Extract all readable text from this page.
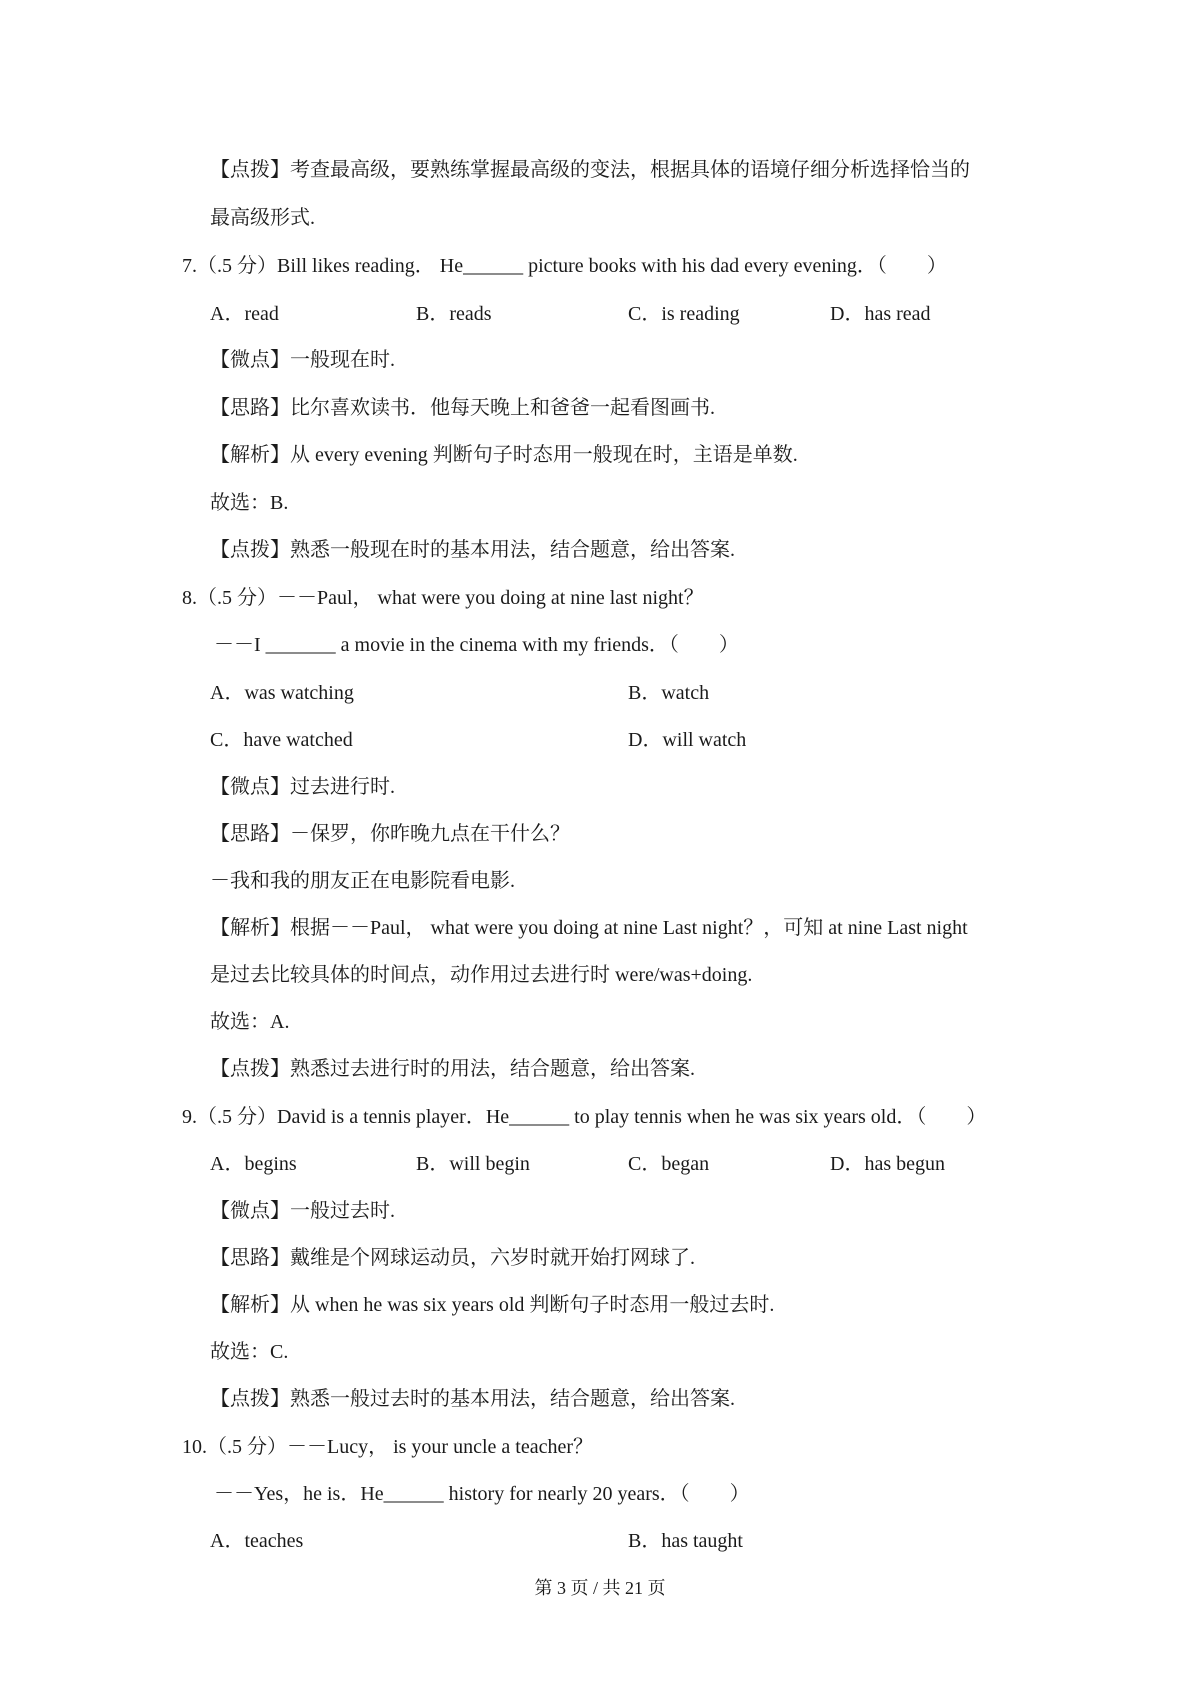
【点拨】考查最高级，要熟练掌握最高级的变法，根据具体的语境仔细分析选择恰当的
最高级形式.
7.（.5 分）Bill likes reading． He______ picture books with his dad every evening．（　　）
A．read	B．reads	C．is reading	D．has read
【微点】一般现在时.
【思路】比尔喜欢读书．他每天晚上和爸爸一起看图画书.
【解析】从 every evening 判断句子时态用一般现在时，主语是单数.
故选：B.
【点拨】熟悉一般现在时的基本用法，结合题意，给出答案.
8.（.5 分）－－Paul， what were you doing at nine last night？
－－I _______ a movie in the cinema with my friends．（　　）
A．was watching	B．watch
C．have watched	D．will watch
【微点】过去进行时.
【思路】－保罗，你昨晚九点在干什么？
－我和我的朋友正在电影院看电影.
【解析】根据－－Paul， what were you doing at nine Last night？，可知 at nine Last night
是过去比较具体的时间点，动作用过去进行时 were/was+doing.
故选：A.
【点拨】熟悉过去进行时的用法，结合题意，给出答案.
9.（.5 分）David is a tennis player．He______ to play tennis when he was six years old．（　　）
A．begins	B．will begin	C．began	D．has begun
【微点】一般过去时.
【思路】戴维是个网球运动员，六岁时就开始打网球了.
【解析】从 when he was six years old 判断句子时态用一般过去时.
故选：C.
【点拨】熟悉一般过去时的基本用法，结合题意，给出答案.
10.（.5 分）－－Lucy， is your uncle a teacher？
－－Yes，he is．He______ history for nearly 20 years．（　　）
A．teaches	B．has taught
第 3 页 / 共 21 页
